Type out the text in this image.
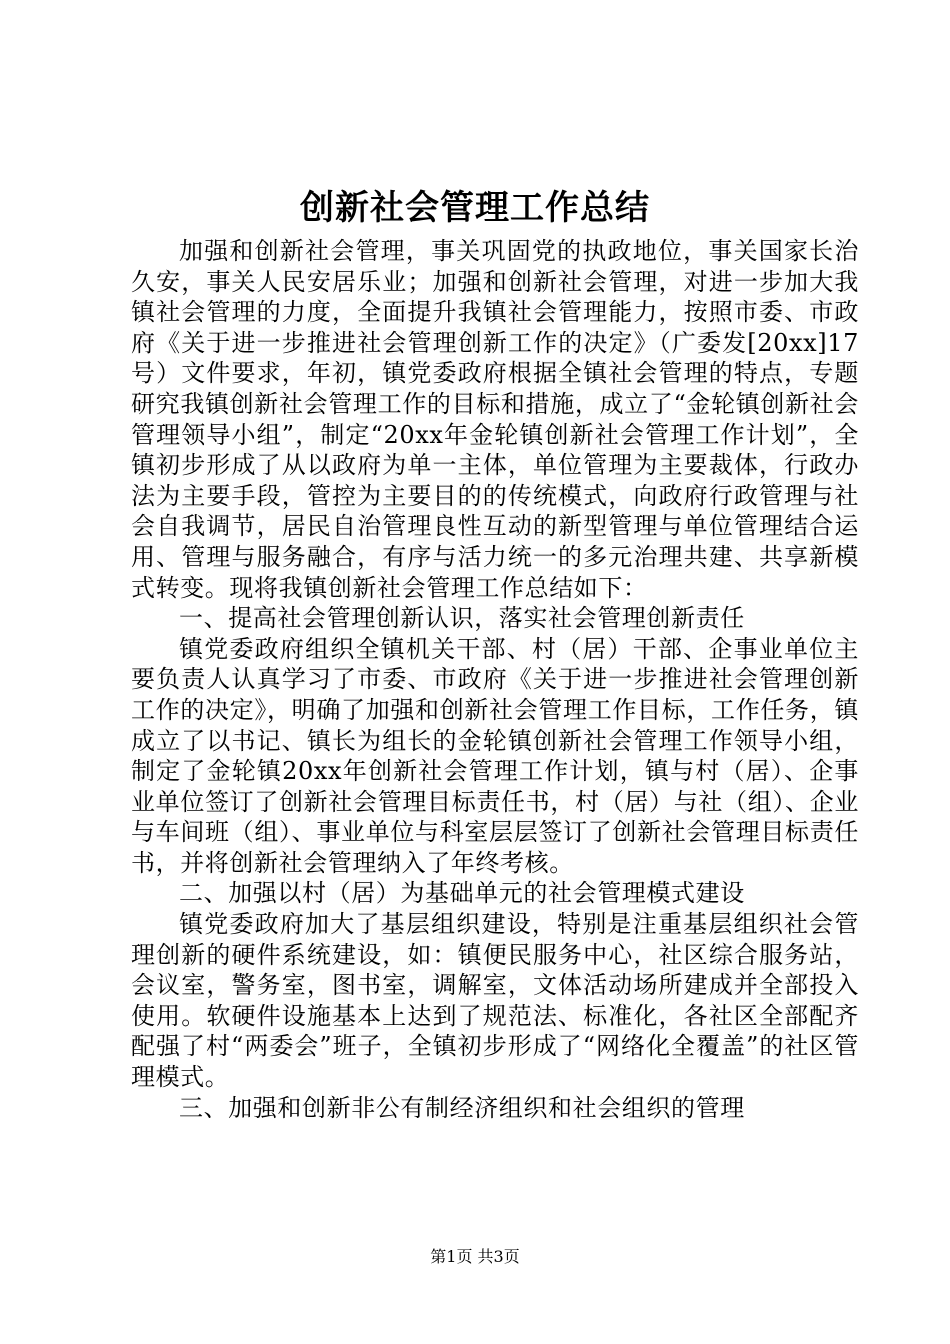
创新社会管理工作总结

加强和创新社会管理，事关巩固党的执政地位，事关国家长治久安，事关人民安居乐业；加强和创新社会管理，对进一步加大我镇社会管理的力度，全面提升我镇社会管理能力，按照市委、市政府《关于进一步推进社会管理创新工作的决定》（广委发[20xx]17号）文件要求，年初，镇党委政府根据全镇社会管理的特点，专题研究我镇创新社会管理工作的目标和措施，成立了“金轮镇创新社会管理领导小组”，制定“20xx年金轮镇创新社会管理工作计划”，全镇初步形成了从以政府为单一主体，单位管理为主要裁体，行政办法为主要手段，管控为主要目的的传统模式，向政府行政管理与社会自我调节，居民自治管理良性互动的新型管理与单位管理结合运用、管理与服务融合，有序与活力统一的多元治理共建、共享新模式转变。现将我镇创新社会管理工作总结如下：

一、提高社会管理创新认识，落实社会管理创新责任

镇党委政府组织全镇机关干部、村（居）干部、企事业单位主要负责人认真学习了市委、市政府《关于进一步推进社会管理创新工作的决定》，明确了加强和创新社会管理工作目标，工作任务，镇成立了以书记、镇长为组长的金轮镇创新社会管理工作领导小组，制定了金轮镇20xx年创新社会管理工作计划，镇与村（居）、企事业单位签订了创新社会管理目标责任书，村（居）与社（组）、企业与车间班（组）、事业单位与科室层层签订了创新社会管理目标责任书，并将创新社会管理纳入了年终考核。

二、加强以村（居）为基础单元的社会管理模式建设

镇党委政府加大了基层组织建设，特别是注重基层组织社会管理创新的硬件系统建设，如：镇便民服务中心，社区综合服务站，会议室，警务室，图书室，调解室，文体活动场所建成并全部投入使用。软硬件设施基本上达到了规范法、标准化，各社区全部配齐配强了村“两委会”班子，全镇初步形成了“网络化全覆盖”的社区管理模式。

三、加强和创新非公有制经济组织和社会组织的管理

第1页 共3页
